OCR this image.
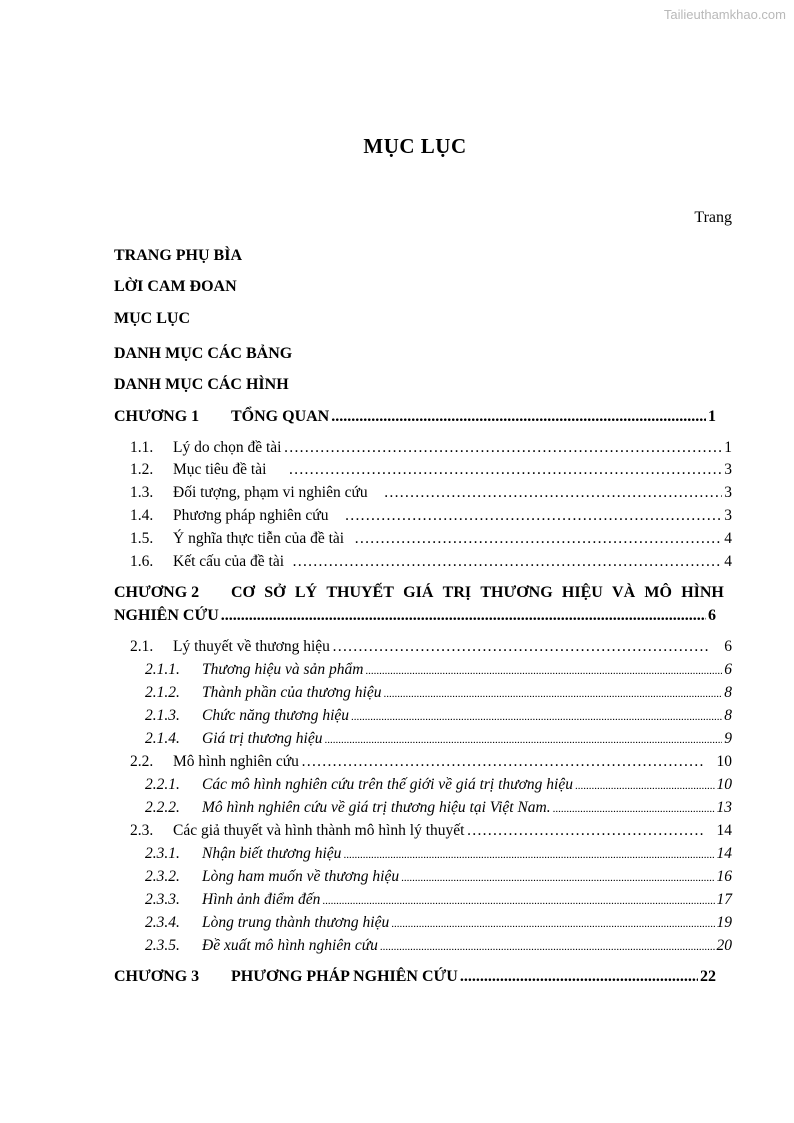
Tailieuthamkhao.com
MỤC LỤC
Trang
TRANG PHỤ BÌA
LỜI CAM ĐOAN
MỤC LỤC
DANH MỤC CÁC BẢNG
DANH MỤC CÁC HÌNH
CHƯƠNG 1	TỔNG QUAN .....	1
1.1.	Lý do chọn đề tài ……………………………………………………………………………………………………………………………………………………………………………………	1
1.2.	Mục tiêu đề tài ……………………………………………………………………………………………………………………………………………………………………………………	3
1.3.	Đối tượng, phạm vi nghiên cứu ……………………………………………………………………………………………………………………………………………………………………………………	3
1.4.	Phương pháp nghiên cứu ……………………………………………………………………………………………………………………………………………………………………………………	3
1.5.	Ý nghĩa thực tiễn của đề tài ……………………………………………………………………………………………………………………………………………………………………………………	4
1.6.	Kết cấu của đề tài ……………………………………………………………………………………………………………………………………………………………………………………	4
CHƯƠNG 2	CƠ SỞ LÝ THUYẾT GIÁ TRỊ THƯƠNG HIỆU VÀ MÔ HÌNH
NGHIÊN CỨU .....	6
2.1.	Lý thuyết về thương hiệu ……………………………………………………………………………………………………………………………………………………………………………………	6
2.1.1.	Thương hiệu và sản phẩm .....	6
2.1.2.	Thành phần của thương hiệu .....	8
2.1.3.	Chức năng thương hiệu .....	8
2.1.4.	Giá trị thương hiệu .....	9
2.2.	Mô hình nghiên cứu ……………………………………………………………………………………………………………………………………………………………………………………	10
2.2.1.	Các mô hình nghiên cứu trên thế giới về giá trị thương hiệu .....	10
2.2.2.	Mô hình nghiên cứu về giá trị thương hiệu tại Việt Nam. .....	13
2.3.	Các giả thuyết và hình thành mô hình lý thuyết ……………………………………………………………………………………………………………………………………………………………………………………	14
2.3.1.	Nhận biết thương hiệu .....	14
2.3.2.	Lòng ham muốn về thương hiệu .....	16
2.3.3.	Hình ảnh điểm đến .....	17
2.3.4.	Lòng trung thành thương hiệu .....	19
2.3.5.	Đề xuất mô hình nghiên cứu .....	20
CHƯƠNG 3	PHƯƠNG PHÁP NGHIÊN CỨU .....	22
